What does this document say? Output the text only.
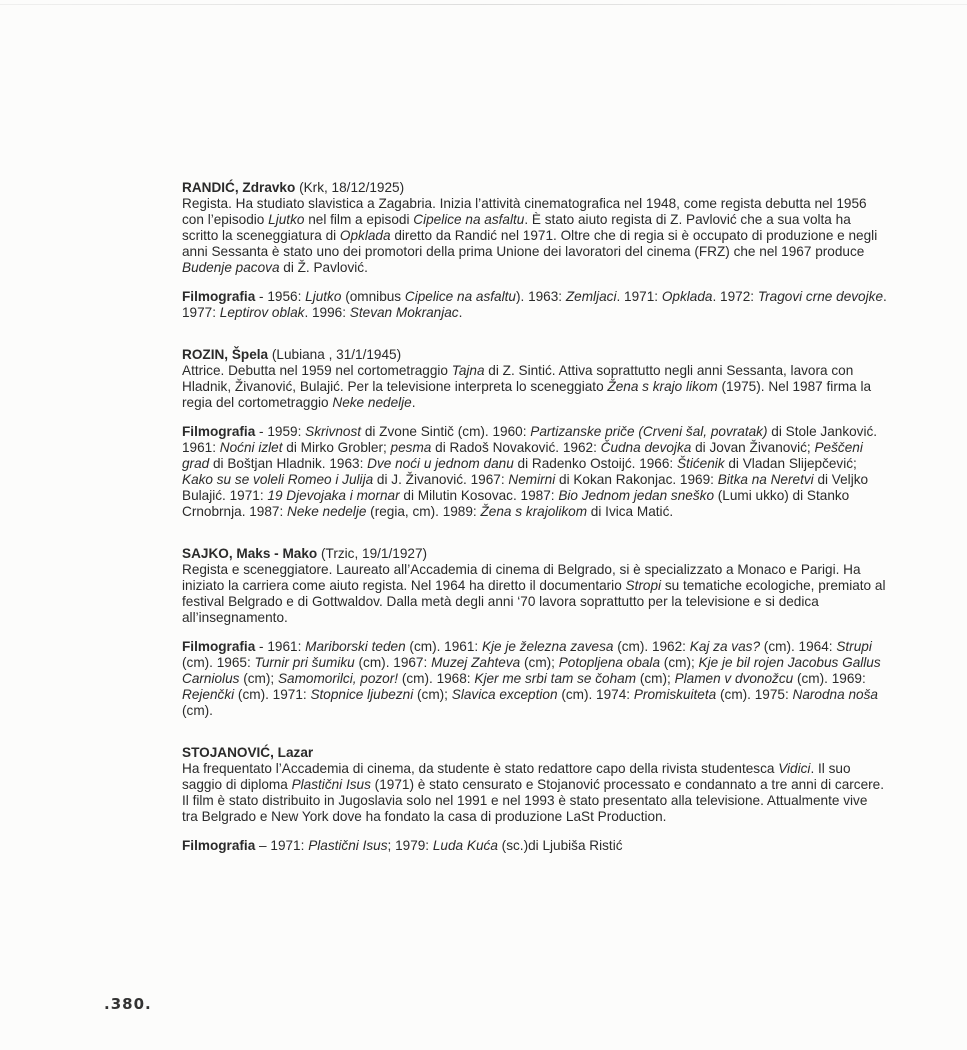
RANDIĆ, Zdravko (Krk, 18/12/1925)

Regista. Ha studiato slavistica a Zagabria. Inizia l’attività cinematografica nel 1948, come regista debutta nel 1956 con l’episodio Ljutko nel film a episodi Cipelice na asfaltu. È stato aiuto regista di Z. Pavlović che a sua volta ha scritto la sceneggiatura di Opklada diretto da Randić nel 1971. Oltre che di regia si è occupato di produzione e negli anni Sessanta è stato uno dei promotori della prima Unione dei lavoratori del cinema (FRZ) che nel 1967 produce Budenje pacova di Ž. Pavlović.

Filmografia - 1956: Ljutko (omnibus Cipelice na asfaltu). 1963: Zemljaci. 1971: Opklada. 1972: Tragovi crne devojke. 1977: Leptirov oblak. 1996: Stevan Mokranjac.

ROZIN, Špela (Lubiana , 31/1/1945)

Attrice. Debutta nel 1959 nel cortometraggio Tajna di Z. Sintić. Attiva soprattutto negli anni Sessanta, lavora con Hladnik, Živanović, Bulajić. Per la televisione interpreta lo sceneggiato Žena s krajo likom (1975). Nel 1987 firma la regia del cortometraggio Neke nedelje.

Filmografia - 1959: Skrivnost di Zvone Sintič (cm). 1960: Partizanske priče (Crveni šal, povratak) di Stole Janković. 1961: Noćni izlet di Mirko Grobler; pesma di Radoš Novaković. 1962: Čudna devojka di Jovan Živanović; Peščeni grad di Boštjan Hladnik. 1963: Dve noći u jednom danu di Radenko Ostoijć. 1966: Štićenik di Vladan Slijepčević; Kako su se voleli Romeo i Julija di J. Živanović. 1967: Nemirni di Kokan Rakonjac. 1969: Bitka na Neretvi di Veljko Bulajić. 1971: 19 Djevojaka i mornar di Milutin Kosovac. 1987: Bio Jednom jedan sneško (Lumi ukko) di Stanko Crnobrnja. 1987: Neke nedelje (regia, cm). 1989: Žena s krajolikom di Ivica Matić.

SAJKO, Maks - Mako (Trzic, 19/1/1927)

Regista e sceneggiatore. Laureato all’Accademia di cinema di Belgrado, si è specializzato a Monaco e Parigi. Ha iniziato la carriera come aiuto regista. Nel 1964 ha diretto il documentario Stropi su tematiche ecologiche, premiato al festival Belgrado e di Gottwaldov. Dalla metà degli anni ‘70 lavora soprattutto per la televisione e si dedica all’insegnamento.

Filmografia - 1961: Mariborski teden (cm). 1961: Kje je železna zavesa (cm). 1962: Kaj za vas? (cm). 1964: Strupi (cm). 1965: Turnir pri šumiku (cm). 1967: Muzej Zahteva (cm); Potopljena obala (cm); Kje je bil rojen Jacobus Gallus Carniolus (cm); Samomorilci, pozor! (cm). 1968: Kjer me srbi tam se čoham (cm); Plamen v dvonožcu (cm). 1969: Rejenčki (cm). 1971: Stopnice ljubezni (cm); Slavica exception (cm). 1974: Promiskuiteta (cm). 1975: Narodna noša (cm).

STOJANOVIĆ, Lazar

Ha frequentato l’Accademia di cinema, da studente è stato redattore capo della rivista studentesca Vidici. Il suo saggio di diploma Plastični Isus (1971) è stato censurato e Stojanović processato e condannato a tre anni di carcere. Il film è stato distribuito in Jugoslavia solo nel 1991 e nel 1993 è stato presentato alla televisione. Attualmente vive tra Belgrado e New York dove ha fondato la casa di produzione LaSt Production.

Filmografia – 1971: Plastični Isus; 1979: Luda Kuća (sc.)di Ljubiša Ristić

.380.
